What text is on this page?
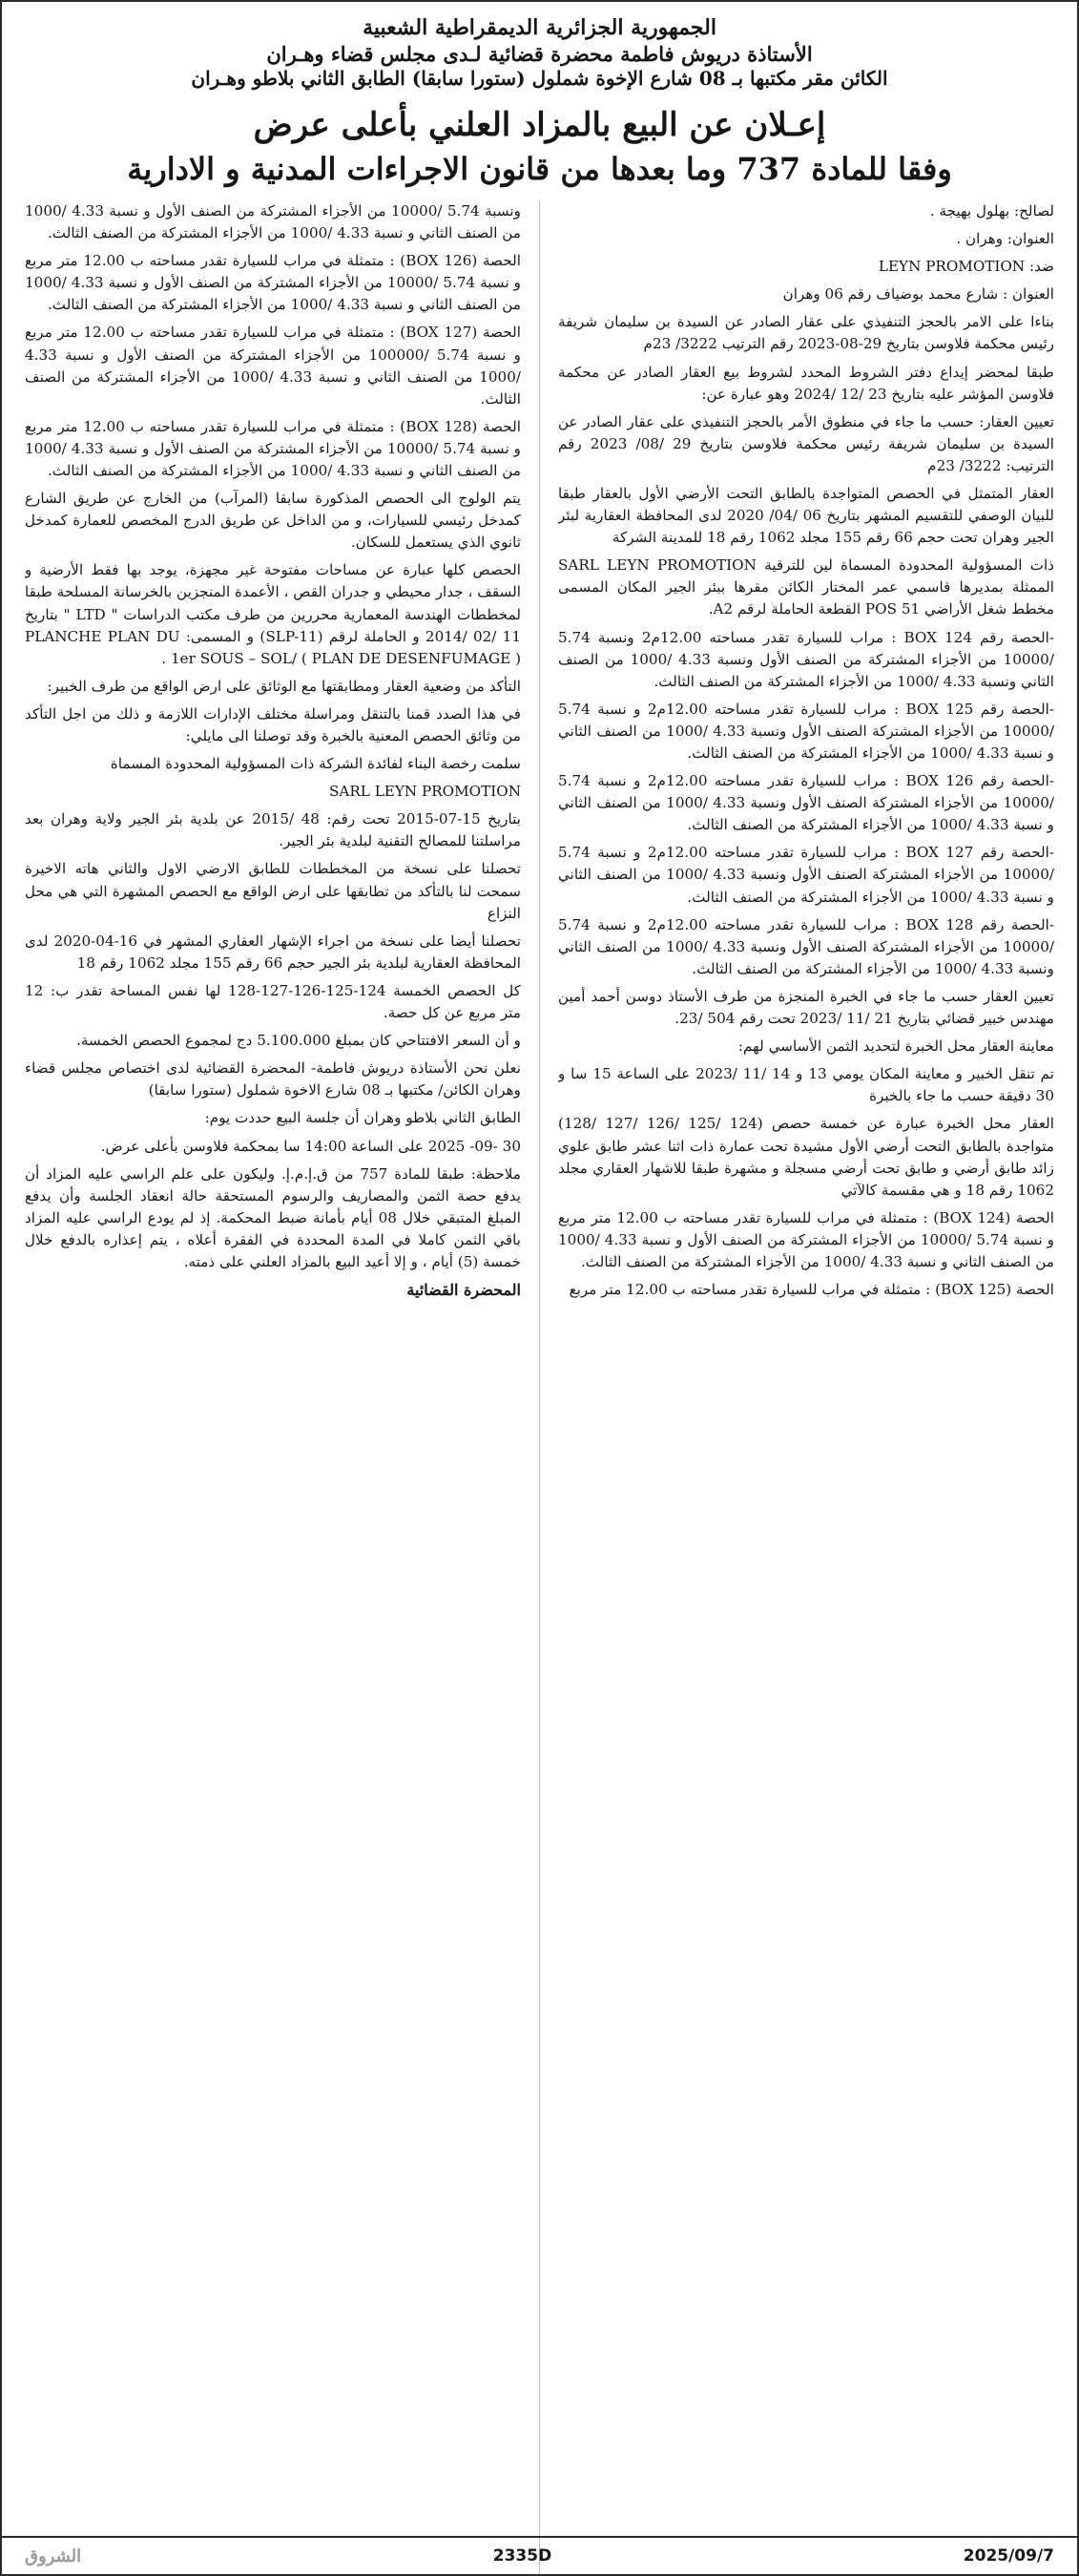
الجمهورية الجزائرية الديمقراطية الشعبية

الأستاذة دريوش فاطمة محضرة قضائية لـدى مجلس قضاء وهـران

الكائن مقر مكتبها بـ 08 شارع الإخوة شملول (ستورا سابقا) الطابق الثاني بلاطو وهـران

إعـلان عن البيع بالمزاد العلني بأعلى عرض
وفقا للمادة 737 وما بعدها من قانون الاجراءات المدنية و الادارية

لصالح: بهلول بهيجة .

العنوان: وهران .

ضد: LEYN PROMOTION

العنوان : شارع محمد بوضياف رقم 06 وهران

بناءا على الامر بالحجز التنفيذي على عقار الصادر عن السيدة بن سليمان شريفة رئيس محكمة فلاوسن بتاريخ 29-08-2023 رقم الترتيب 3222/ 23م

طبقا لمحضر إيداع دفتر الشروط المحدد لشروط بيع العقار الصادر عن محكمة فلاوسن المؤشر عليه بتاريخ 23 /12 /2024 وهو عبارة عن:

تعيين العقار: حسب ما جاء في منطوق الأمر بالحجز التنفيذي على عقار الصادر عن السيدة بن سليمان شريفة رئيس محكمة فلاوسن بتاريخ 29 /08/ 2023 رقم الترتيب: 3222/ 23م

العقار المتمثل في الحصص المتواجدة بالطابق التحت الأرضي الأول بالعقار طبقا للبيان الوصفي للتقسيم المشهر بتاريخ 06 /04/ 2020 لدى المحافظة العقارية لبئر الجير وهران تحت حجم 66 رقم 155 مجلد 1062 رقم 18 للمدينة الشركة

ذات المسؤولية المحدودة المسماة لين للترقية SARL LEYN PROMOTION الممثلة بمديرها قاسمي عمر المختار الكائن مقرها ببئر الجير المكان المسمى مخطط شغل الأراضي 51 POS القطعة الحاملة لرقم A2.

-الحصة رقم BOX 124 : مراب للسيارة تقدر مساحته 12.00م2 ونسبة 5.74 /10000 من الأجزاء المشتركة من الصنف الأول ونسبة 4.33 /1000 من الصنف الثاني ونسبة 4.33 /1000 من الأجزاء المشتركة من الصنف الثالث.

-الحصة رقم BOX 125 : مراب للسيارة تقدر مساحته 12.00م2 و نسبة 5.74 /10000 من الأجزاء المشتركة الصنف الأول ونسبة 4.33 /1000 من الصنف الثاني و نسبة 4.33 /1000 من الأجزاء المشتركة من الصنف الثالث.

-الحصة رقم BOX 126 : مراب للسيارة تقدر مساحته 12.00م2 و نسبة 5.74 /10000 من الأجزاء المشتركة الصنف الأول ونسبة 4.33 /1000 من الصنف الثاني و نسبة 4.33 /1000 من الأجزاء المشتركة من الصنف الثالث.

-الحصة رقم BOX 127 : مراب للسيارة تقدر مساحته 12.00م2 و نسبة 5.74 /10000 من الأجزاء المشتركة الصنف الأول ونسبة 4.33 /1000 من الصنف الثاني و نسبة 4.33 /1000 من الأجزاء المشتركة من الصنف الثالث.

-الحصة رقم BOX 128 : مراب للسيارة تقدر مساحته 12.00م2 و نسبة 5.74 /10000 من الأجزاء المشتركة الصنف الأول ونسبة 4.33 /1000 من الصنف الثاني ونسبة 4.33 /1000 من الأجزاء المشتركة من الصنف الثالث.

تعيين العقار حسب ما جاء في الخبرة المنجزة من طرف الأستاذ دوسن أحمد أمين مهندس خبير قضائي بتاريخ 21 /11 /2023 تحت رقم 504 /23.

معاينة العقار محل الخبرة لتحديد الثمن الأساسي لهم:

تم تنقل الخبير و معاينة المكان يومي 13 و 14 /11 /2023 على الساعة 15 سا و 30 دقيقة حسب ما جاء بالخبرة

العقار محل الخبرة عبارة عن خمسة حصص (124 /125 /126 /127 /128) متواجدة بالطابق التحت أرضي الأول مشيدة تحت عمارة ذات اثنا عشر طابق علوي زائد طابق أرضي و طابق تحت أرضي مسجلة و مشهرة طبقا للاشهار العقاري مجلد 1062 رقم 18 و هي مقسمة كالآتي

الحصة (124 BOX) : متمثلة في مراب للسيارة تقدر مساحته ب 12.00 متر مربع و نسبة 5.74 /10000 من الأجزاء المشتركة من الصنف الأول و نسبة 4.33 /1000 من الصنف الثاني و نسبة 4.33 /1000 من الأجزاء المشتركة من الصنف الثالث.

الحصة (125 BOX) : متمثلة في مراب للسيارة تقدر مساحته ب 12.00 متر مربع

ونسبة 5.74 /10000 من الأجزاء المشتركة من الصنف الأول و نسبة 4.33 /1000 من الصنف الثاني و نسبة 4.33 /1000 من الأجزاء المشتركة من الصنف الثالث.

الحصة (126 BOX) : متمثلة في مراب للسيارة تقدر مساحته ب 12.00 متر مربع و نسبة 5.74 /10000 من الأجزاء المشتركة من الصنف الأول و نسبة 4.33 /1000 من الصنف الثاني و نسبة 4.33 /1000 من الأجزاء المشتركة من الصنف الثالث.

الحصة (127 BOX) : متمثلة في مراب للسيارة تقدر مساحته ب 12.00 متر مربع و نسبة 5.74 /100000 من الأجزاء المشتركة من الصنف الأول و نسبة 4.33 /1000 من الصنف الثاني و نسبة 4.33 /1000 من الأجزاء المشتركة من الصنف الثالث.

الحصة (128 BOX) : متمثلة في مراب للسيارة تقدر مساحته ب 12.00 متر مربع و نسبة 5.74 /10000 من الأجزاء المشتركة من الصنف الأول و نسبة 4.33 /1000 من الصنف الثاني و نسبة 4.33 /1000 من الأجزاء المشتركة من الصنف الثالث.

يتم الولوج الى الحصص المذكورة سابقا (المرآب) من الخارج عن طريق الشارع كمدخل رئيسي للسيارات، و من الداخل عن طريق الدرج المخصص للعمارة كمدخل ثانوي الذي يستعمل للسكان.

الحصص كلها عبارة عن مساحات مفتوحة غير مجهزة، يوجد بها فقط الأرضية و السقف ، جدار محيطي و جدران القص ، الأعمدة المنجزين بالخرسانة المسلحة طبقا لمخططات الهندسة المعمارية محررين من طرف مكتب الدراسات " LTD " بتاريخ 11 /02 /2014 و الحاملة لرقم (SLP-11) و المسمى: PLANCHE PLAN DU 1er SOUS – SOL/ ( PLAN DE DESENFUMAGE ) .

التأكد من وضعية العقار ومطابقتها مع الوثائق على ارض الواقع من طرف الخبير:

في هذا الصدد قمنا بالتنقل ومراسلة مختلف الإدارات اللازمة و ذلك من اجل التأكد من وثائق الحصص المعنية بالخبرة وقد توصلنا الى مايلي:

سلمت رخصة البناء لفائدة الشركة ذات المسؤولية المحدودة المسماة

SARL LEYN PROMOTION

بتاريخ 15-07-2015 تحت رقم: 48 /2015 عن بلدية بئر الجير ولاية وهران بعد مراسلتنا للمصالح التقنية لبلدية بئر الجير.

تحصلنا على نسخة من المخططات للطابق الارضي الاول والثاني هاته الاخيرة سمحت لنا بالتأكد من تطابقها على ارض الواقع مع الحصص المشهرة التي هي محل النزاع

تحصلنا أيضا على نسخة من اجراء الإشهار العقاري المشهر في 16-04-2020 لدى المحافظة العقارية لبلدية بئر الجير حجم 66 رقم 155 مجلد 1062 رقم 18

كل الحصص الخمسة 124-125-126-127-128 لها نفس المساحة تقدر ب: 12 متر مربع عن كل حصة.

و أن السعر الافتتاحي كان بمبلغ 5.100.000 دج لمجموع الحصص الخمسة.

نعلن نحن الأستاذة دريوش فاطمة- المحضرة القضائية لدى اختصاص مجلس قضاء وهران الكائن/ مكتبها بـ 08 شارع الاخوة شملول (ستورا سابقا)

الطابق الثاني بلاطو وهران أن جلسة البيع حددت يوم:

30 -09- 2025 على الساعة 14:00 سا بمحكمة فلاوسن بأعلى عرض.

ملاحظة: طبقا للمادة 757 من ق.إ.م.إ. وليكون على علم الراسي عليه المزاد أن يدفع حصة الثمن والمصاريف والرسوم المستحقة حالة انعقاد الجلسة وأن يدفع المبلغ المتبقي خلال 08 أيام بأمانة ضبط المحكمة. إذ لم يودع الراسي عليه المزاد باقي الثمن كاملا في المدة المحددة في الفقرة أعلاه ، يتم إعذاره بالدفع خلال خمسة (5) أيام ، و إلا أعيد البيع بالمزاد العلني على ذمته.

المحضرة القضائية

2025/09/7
2335D
الشروق
